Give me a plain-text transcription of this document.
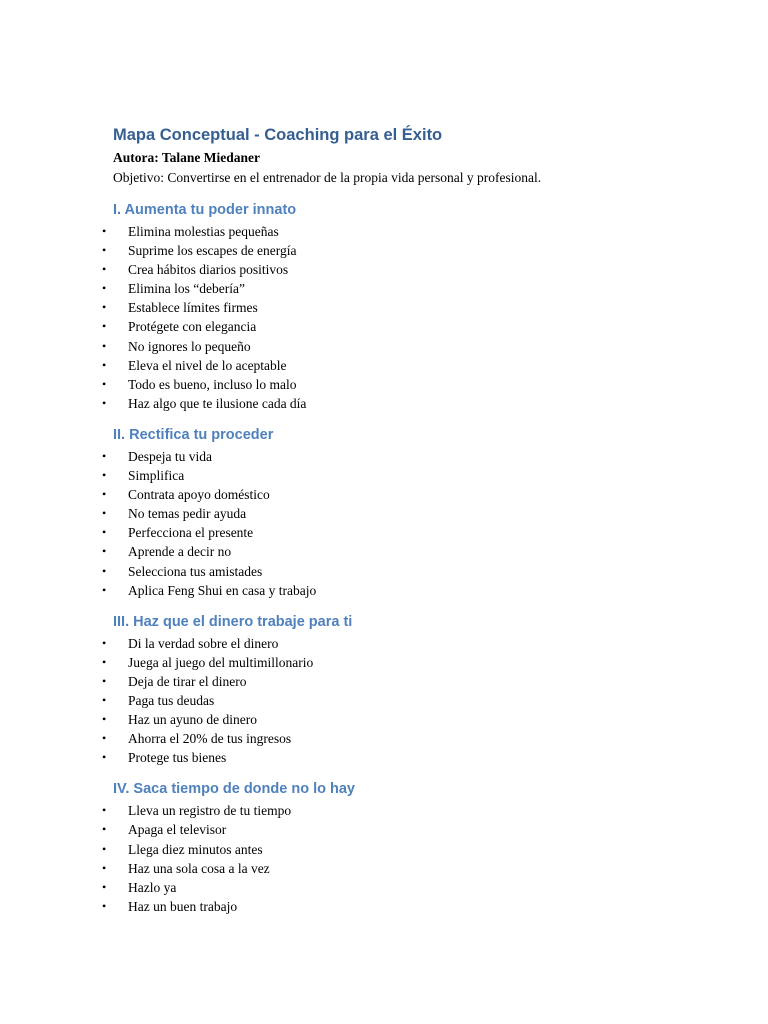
Mapa Conceptual - Coaching para el Éxito

Autora: Talane Miedaner

Objetivo: Convertirse en el entrenador de la propia vida personal y profesional.

I. Aumenta tu poder innato
• Elimina molestias pequeñas
• Suprime los escapes de energía
• Crea hábitos diarios positivos
• Elimina los “debería”
• Establece límites firmes
• Protégete con elegancia
• No ignores lo pequeño
• Eleva el nivel de lo aceptable
• Todo es bueno, incluso lo malo
• Haz algo que te ilusione cada día
II. Rectifica tu proceder
• Despeja tu vida
• Simplifica
• Contrata apoyo doméstico
• No temas pedir ayuda
• Perfecciona el presente
• Aprende a decir no
• Selecciona tus amistades
• Aplica Feng Shui en casa y trabajo
III. Haz que el dinero trabaje para ti
• Di la verdad sobre el dinero
• Juega al juego del multimillonario
• Deja de tirar el dinero
• Paga tus deudas
• Haz un ayuno de dinero
• Ahorra el 20% de tus ingresos
• Protege tus bienes
IV. Saca tiempo de donde no lo hay
• Lleva un registro de tu tiempo
• Apaga el televisor
• Llega diez minutos antes
• Haz una sola cosa a la vez
• Hazlo ya
• Haz un buen trabajo
